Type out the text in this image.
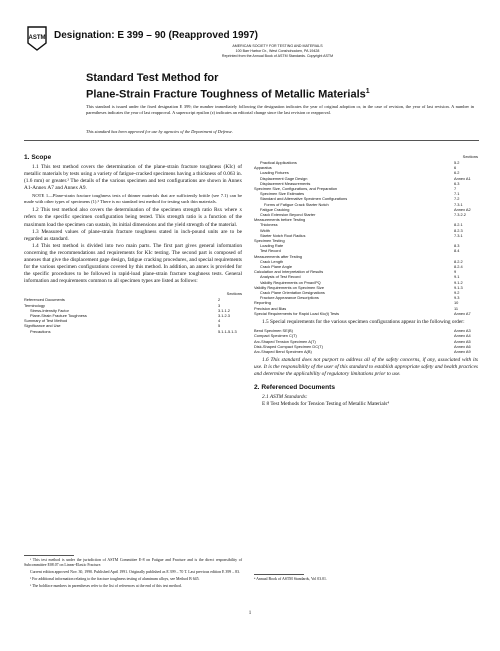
ASTM Designation: E 399 – 90 (Reapproved 1997)
AMERICAN SOCIETY FOR TESTING AND MATERIALS
100 Barr Harbor Dr., West Conshohocken, PA 19428
Reprinted from the Annual Book of ASTM Standards. Copyright ASTM
Standard Test Method for
Plane-Strain Fracture Toughness of Metallic Materials$^1$
This standard is issued under the fixed designation E 399; the number immediately following the designation indicates the year of original adoption or, in the case of revision, the year of last revision. A number in parentheses indicates the year of last reapproval. A superscript epsilon (ε) indicates an editorial change since the last revision or reapproval.
This standard has been approved for use by agencies of the Department of Defense.
1. Scope

1.1 This test method covers the determination of the plane-strain fracture toughness (KIc) of metallic materials by tests using a variety of fatigue-cracked specimens having a thickness of 0.063 in. (1.6 mm) or greater.² The details of the various specimen and test configurations are shown in Annex A1-Annex A7 and Annex A9.

NOTE 1—Plane-strain fracture toughness tests of thinner materials that are sufficiently brittle (see 7.1) can be made with other types of specimens (1).³ There is no standard test method for testing such thin materials.

1.2 This test method also covers the determination of the specimen strength ratio Rsx where x refers to the specific specimen configuration being tested. This strength ratio is a function of the maximum load the specimen can sustain, its initial dimensions and the yield strength of the material.

1.3 Measured values of plane-strain fracture toughness stated in inch-pound units are to be regarded as standard.

1.4 This test method is divided into two main parts. The first part gives general information concerning the recommendations and requirements for KIc testing. The second part is composed of annexes that give the displacement gage design, fatigue cracking procedures, and special requirements for the various specimen configurations covered by this method. In addition, an annex is provided for the specific procedures to be followed in rapid-load plane-strain fracture toughness tests. General information and requirements common to all specimen types are listed as follows:

Sections
Referenced Documents	2
Terminology	3
Stress-Intensity Factor	3.1.1.2
Plane-Strain Fracture Toughness	3.1.2.3
Summary of Test Method	4
Significance and Use	5
Precautions	5.1.1-5.1.3

¹ This test method is under the jurisdiction of ASTM Committee E-8 on Fatigue and Fracture and is the direct responsibility of Subcommittee E08.07 on Linear-Elastic Fracture.

Current edition approved Nov. 30, 1990. Published April 1991. Originally published as E 399 – 70 T. Last previous edition E 399 – 83.

² For additional information relating to the fracture toughness testing of aluminum alloys, see Method B 645.

³ The boldface numbers in parentheses refer to the list of references at the end of this test method.

Sections
Practical Applications	5.2
Apparatus	6
Loading Fixtures	6.2
Displacement Gage Design	Annex A1
Displacement Measurements	6.3
Specimen Size, Configurations, and Preparation	7
Specimen Size Estimates	7.1
Standard and Alternative Specimen Configurations	7.2
Forms of Fatigue Crack Starter Notch	7.3.1
Fatigue Cracking	Annex A2
Crack Extension Beyond Starter	7.3.2.2
Measurements before Testing
Thickness	8.2.1
Width	8.2.3
Starter Notch Root Radius	7.3.1
Specimen Testing
Loading Rate	8.3
Test Record	8.4
Measurements after Testing
Crack Length	8.2.2
Crack Plane Angle	8.2.4
Calculation and Interpretation of Results	9
Analysis of Test Record	9.1
Validity Requirements on Pmax/PQ	9.1.2
Validity Requirements on Specimen Size	9.1.3
Crack Plane Orientation Designations	9.2
Fracture Appearance Descriptions	9.3
Reporting	10
Precision and Bias	11
Special Requirements for Rapid Load KIc(t) Tests	Annex A7

1.5 Special requirements for the various specimen configurations appear in the following order:

Bend Specimen SE(B)	Annex A3
Compact Specimen C(T)	Annex A4
Arc-Shaped Tension Specimen A(T)	Annex A5
Disk-Shaped Compact Specimen DC(T)	Annex A6
Arc-Shaped Bend Specimen A(B)	Annex A9

1.6 This standard does not purport to address all of the safety concerns, if any, associated with its use. It is the responsibility of the user of this standard to establish appropriate safety and health practices and determine the applicability of regulatory limitations prior to use.

2. Referenced Documents

2.1 ASTM Standards:

E 8 Test Methods for Tension Testing of Metallic Materials⁴

⁴ Annual Book of ASTM Standards, Vol 03.01.
1
